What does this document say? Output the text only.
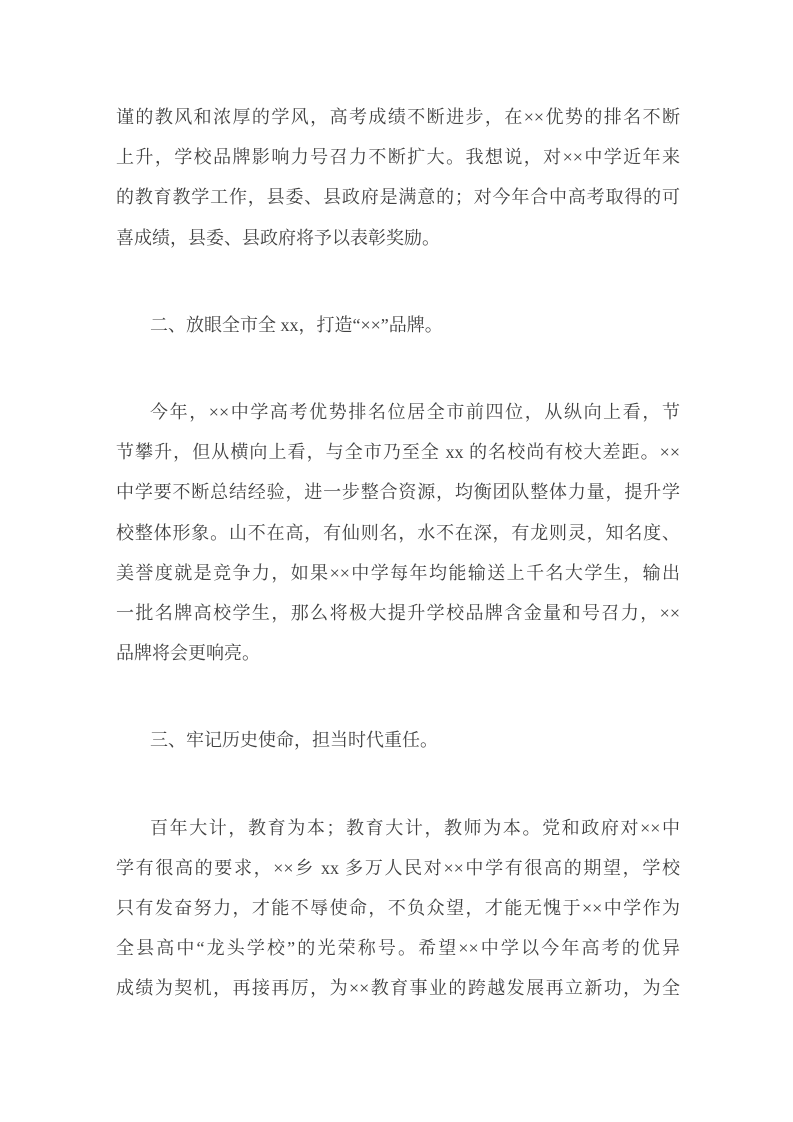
谨的教风和浓厚的学风，高考成绩不断进步，在××优势的排名不断
上升，学校品牌影响力号召力不断扩大。我想说，对××中学近年来
的教育教学工作，县委、县政府是满意的；对今年合中高考取得的可
喜成绩，县委、县政府将予以表彰奖励。
二、放眼全市全 xx，打造“××”品牌。
今年，××中学高考优势排名位居全市前四位，从纵向上看，节
节攀升，但从横向上看，与全市乃至全 xx 的名校尚有校大差距。××
中学要不断总结经验，进一步整合资源，均衡团队整体力量，提升学
校整体形象。山不在高，有仙则名，水不在深，有龙则灵，知名度、
美誉度就是竞争力，如果××中学每年均能输送上千名大学生，输出
一批名牌高校学生，那么将极大提升学校品牌含金量和号召力，××
品牌将会更响亮。
三、牢记历史使命，担当时代重任。
百年大计，教育为本；教育大计，教师为本。党和政府对××中
学有很高的要求，××乡 xx 多万人民对××中学有很高的期望，学校
只有发奋努力，才能不辱使命，不负众望，才能无愧于××中学作为
全县高中“龙头学校”的光荣称号。希望××中学以今年高考的优异
成绩为契机，再接再厉，为××教育事业的跨越发展再立新功，为全
